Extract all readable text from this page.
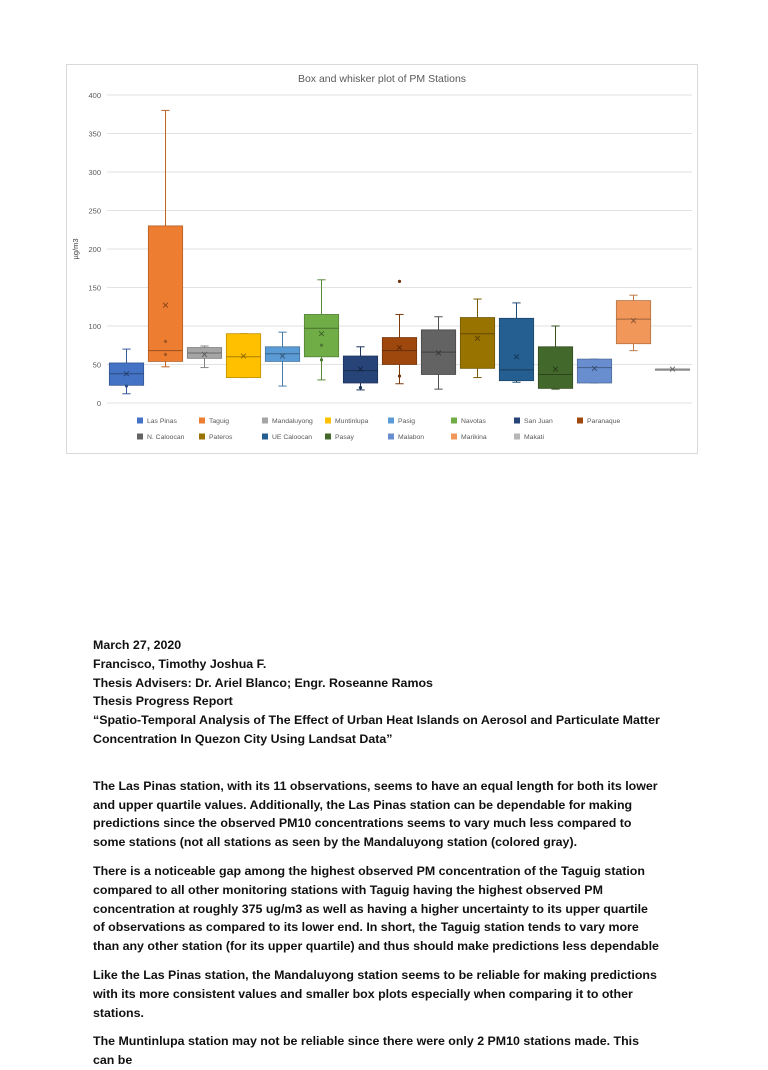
Box and whisker plot of PM Stations
µg/m3
0
50
100
150
200
250
300
350
400
Las Pinas	Taguig	Mandaluyong	Muntinlupa	Pasig	Navotas	San Juan	Paranaque
N. Caloocan	Pateros	UE Caloocan	Pasay	Malabon	Marikina	Makati
March 27, 2020
Francisco, Timothy Joshua F.
Thesis Advisers: Dr. Ariel Blanco; Engr. Roseanne Ramos
Thesis Progress Report
“Spatio-Temporal Analysis of The Effect of Urban Heat Islands on Aerosol and Particulate Matter
Concentration In Quezon City Using Landsat Data”

The Las Pinas station, with its 11 observations, seems to have an equal length for both its lower and upper quartile values. Additionally, the Las Pinas station can be dependable for making predictions since the observed PM10 concentrations seems to vary much less compared to some stations (not all stations as seen by the Mandaluyong station (colored gray).

There is a noticeable gap among the highest observed PM concentration of the Taguig station compared to all other monitoring stations with Taguig having the highest observed PM concentration at roughly 375 ug/m3 as well as having a higher uncertainty to its upper quartile of observations as compared to its lower end. In short, the Taguig station tends to vary more than any other station (for its upper quartile) and thus should make predictions less dependable

Like the Las Pinas station, the Mandaluyong station seems to be reliable for making predictions with its more consistent values and smaller box plots especially when comparing it to other stations.

The Muntinlupa station may not be reliable since there were only 2 PM10 stations made. This can be
